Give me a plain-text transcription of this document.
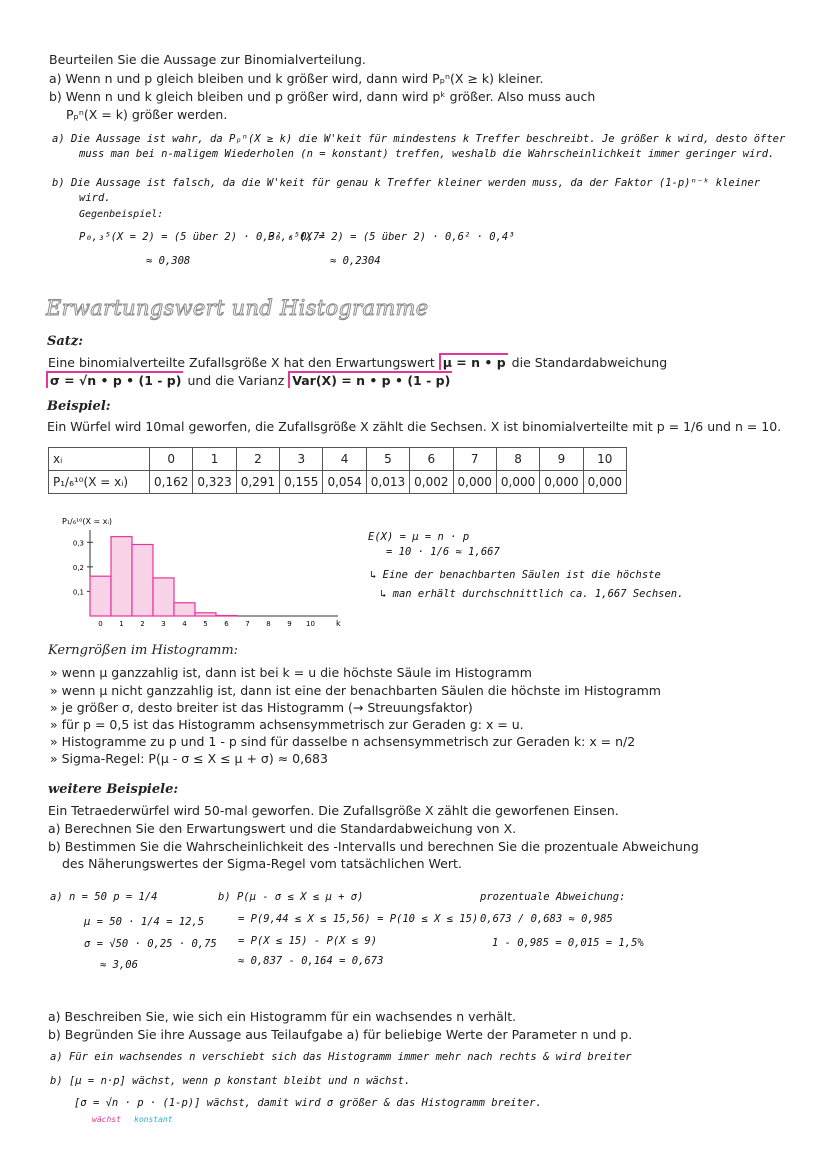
Beurteilen Sie die Aussage zur Binomialverteilung.
a) Wenn n und p gleich bleiben und k größer wird, dann wird Pₚⁿ(X ≥ k) kleiner.
b) Wenn n und k gleich bleiben und p größer wird, dann wird pᵏ größer. Also muss auch
Pₚⁿ(X = k) größer werden.
a) Die Aussage ist wahr, da Pₚⁿ(X ≥ k) die W'keit für mindestens k Treffer beschreibt. Je größer k wird, desto öfter
muss man bei n-maligem Wiederholen (n = konstant) treffen, weshalb die Wahrscheinlichkeit immer geringer wird.
b) Die Aussage ist falsch, da die W'keit für genau k Treffer kleiner werden muss, da der Faktor (1-p)ⁿ⁻ᵏ kleiner
wird.
Gegenbeispiel:
P₀,₃⁵(X = 2) = (5 über 2) · 0,3² · 0,7³
P₀,₆⁵(X = 2) = (5 über 2) · 0,6² · 0,4³
≈ 0,308	≈ 0,2304
Erwartungswert und Histogramme
Satz:
Eine binomialverteilte Zufallsgröße X hat den Erwartungswert μ = n • p die Standardabweichung
σ = √n • p • (1 - p) und die Varianz Var(X) = n • p • (1 - p)
Beispiel:
Ein Würfel wird 10mal geworfen, die Zufallsgröße X zählt die Sechsen. X ist binomialverteilte mit p = 1/6 und n = 10.
xᵢ	0	1	2	3	4	5	6	7	8	9	10
P₁/₆¹⁰(X = xᵢ)	0,162	0,323	0,291	0,155	0,054	0,013	0,002	0,000	0,000	0,000	0,000
P₁/₆¹⁰(X = xᵢ)
0,1
0,2
0,3
0 1 2 3 4 5 6 7 8 9 10	k
E(X) = μ = n · p
= 10 · 1/6 ≈ 1,667
↳ Eine der benachbarten Säulen ist die höchste
↳ man erhält durchschnittlich ca. 1,667 Sechsen.
Kerngrößen im Histogramm:
» wenn μ ganzzahlig ist, dann ist bei k = u die höchste Säule im Histogramm
» wenn μ nicht ganzzahlig ist, dann ist eine der benachbarten Säulen die höchste im Histogramm
» je größer σ, desto breiter ist das Histogramm (→ Streuungsfaktor)
» für p = 0,5 ist das Histogramm achsensymmetrisch zur Geraden g: x = u.
» Histogramme zu p und 1 - p sind für dasselbe n achsensymmetrisch zur Geraden k: x = n/2
» Sigma-Regel: P(μ - σ ≤ X ≤ μ + σ) ≈ 0,683
weitere Beispiele:
Ein Tetraederwürfel wird 50-mal geworfen. Die Zufallsgröße X zählt die geworfenen Einsen.
a) Berechnen Sie den Erwartungswert und die Standardabweichung von X.
b) Bestimmen Sie die Wahrscheinlichkeit des -Intervalls und berechnen Sie die prozentuale Abweichung
des Näherungswertes der Sigma-Regel vom tatsächlichen Wert.
a) n = 50 p = 1/4
μ = 50 · 1/4 = 12,5
σ = √50 · 0,25 · 0,75
≈ 3,06
b) P(μ - σ ≤ X ≤ μ + σ)
= P(9,44 ≤ X ≤ 15,56) = P(10 ≤ X ≤ 15)
= P(X ≤ 15) - P(X ≤ 9)
≈ 0,837 - 0,164 = 0,673
prozentuale Abweichung:
0,673 / 0,683 ≈ 0,985
1 - 0,985 = 0,015 = 1,5%
a) Beschreiben Sie, wie sich ein Histogramm für ein wachsendes n verhält.
b) Begründen Sie ihre Aussage aus Teilaufgabe a) für beliebige Werte der Parameter n und p.
a) Für ein wachsendes n verschiebt sich das Histogramm immer mehr nach rechts & wird breiter
b) [μ = n·p] wächst, wenn p konstant bleibt und n wächst.
[σ = √n · p · (1-p)] wächst, damit wird σ größer & das Histogramm breiter.
wächst konstant
